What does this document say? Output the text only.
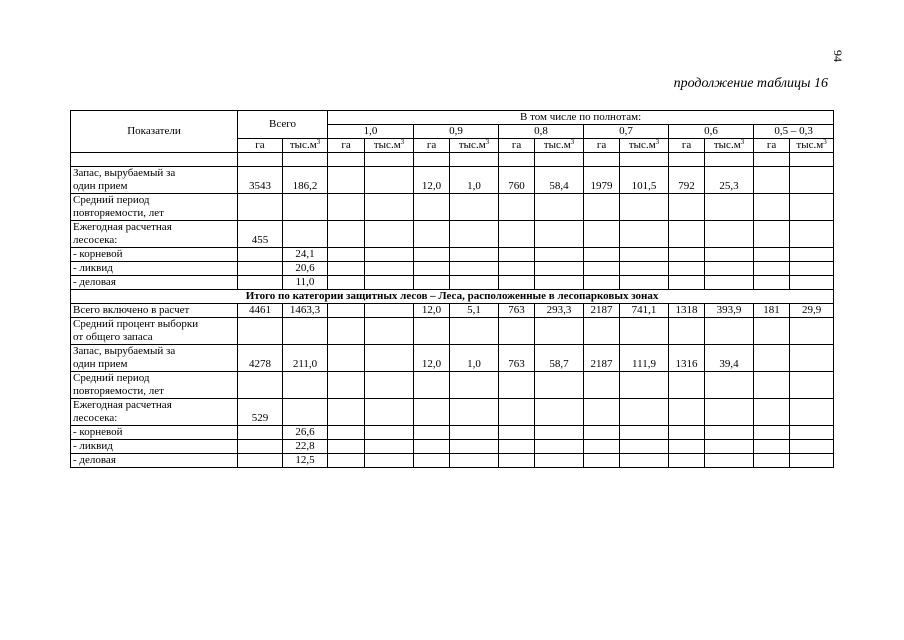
94
продолжение таблицы 16
Показатели	Всего		В том числе по полнотам:											
			1,0		0,9		0,8		0,7		0,6		0,5 – 0,3	
	га	$тыс.м^3$	га	$тыс.м^3$	га	$тыс.м^3$	га	$тыс.м^3$	га	$тыс.м^3$	га	$тыс.м^3$	га	$тыс.м^3$

Запас, вырубаемый за
один прием	3543	186,2			12,0	1,0	760	58,4	1979	101,5	792	25,3		

Средний период
повторяемости, лет														

Ежегодная расчетная
лесосека:	455													

- корневой		24,1												

- ликвид		20,6												

- деловая		11,0												
Итого по категории защитных лесов – Леса, расположенные в лесопарковых зонах														

Всего включено в расчет	4461	1463,3			12,0	5,1	763	293,3	2187	741,1	1318	393,9	181	29,9

Средний процент выборки
от общего запаса														

Запас, вырубаемый за
один прием	4278	211,0			12,0	1,0	763	58,7	2187	111,9	1316	39,4		

Средний период
повторяемости, лет														

Ежегодная расчетная
лесосека:	529													

- корневой		26,6												

- ликвид		22,8												

- деловая		12,5												
